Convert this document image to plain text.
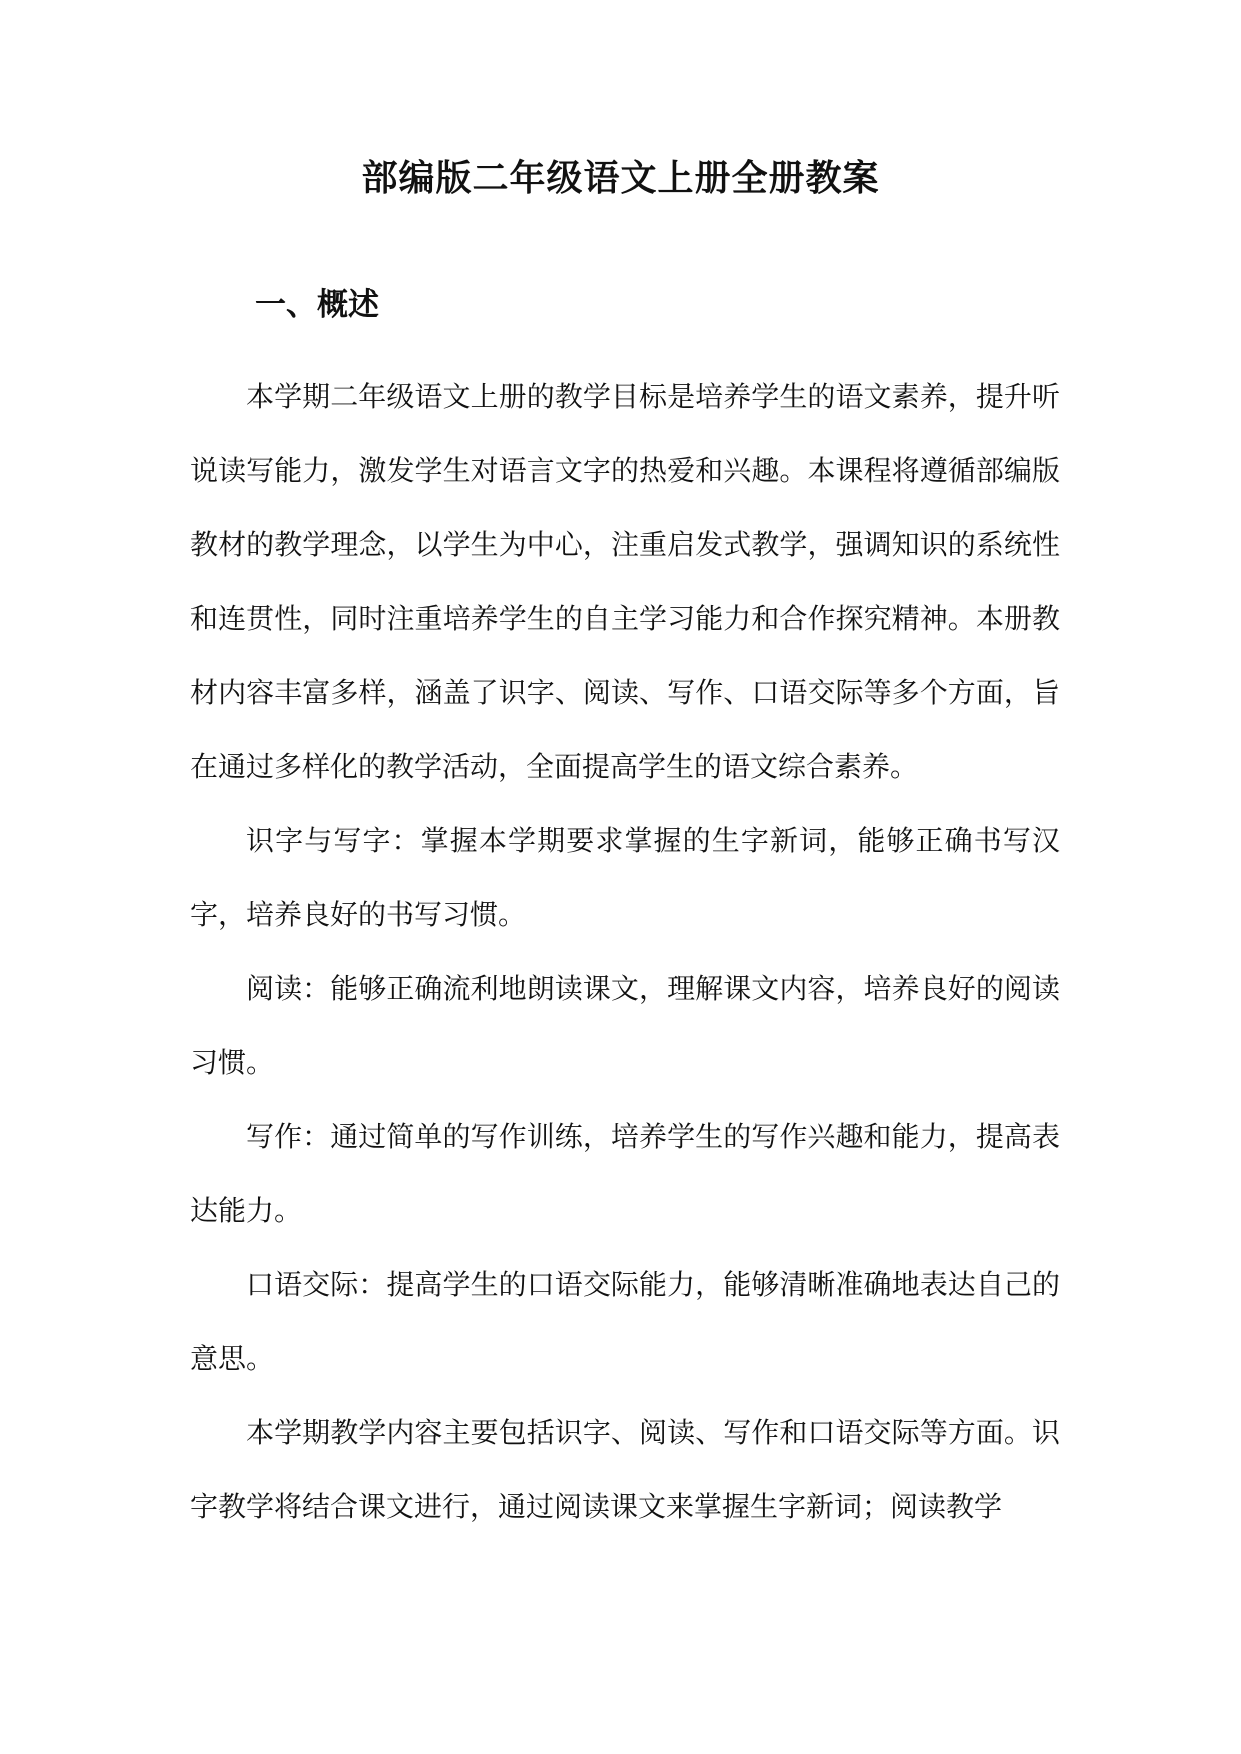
部编版二年级语文上册全册教案
一、概述

本学期二年级语文上册的教学目标是培养学生的语文素养，提升听说读写能力，激发学生对语言文字的热爱和兴趣。本课程将遵循部编版教材的教学理念，以学生为中心，注重启发式教学，强调知识的系统性和连贯性，同时注重培养学生的自主学习能力和合作探究精神。本册教材内容丰富多样，涵盖了识字、阅读、写作、口语交际等多个方面，旨在通过多样化的教学活动，全面提高学生的语文综合素养。

识字与写字：掌握本学期要求掌握的生字新词，能够正确书写汉字，培养良好的书写习惯。

阅读：能够正确流利地朗读课文，理解课文内容，培养良好的阅读习惯。

写作：通过简单的写作训练，培养学生的写作兴趣和能力，提高表达能力。

口语交际：提高学生的口语交际能力，能够清晰准确地表达自己的意思。

本学期教学内容主要包括识字、阅读、写作和口语交际等方面。识字教学将结合课文进行，通过阅读课文来掌握生字新词；阅读教学
